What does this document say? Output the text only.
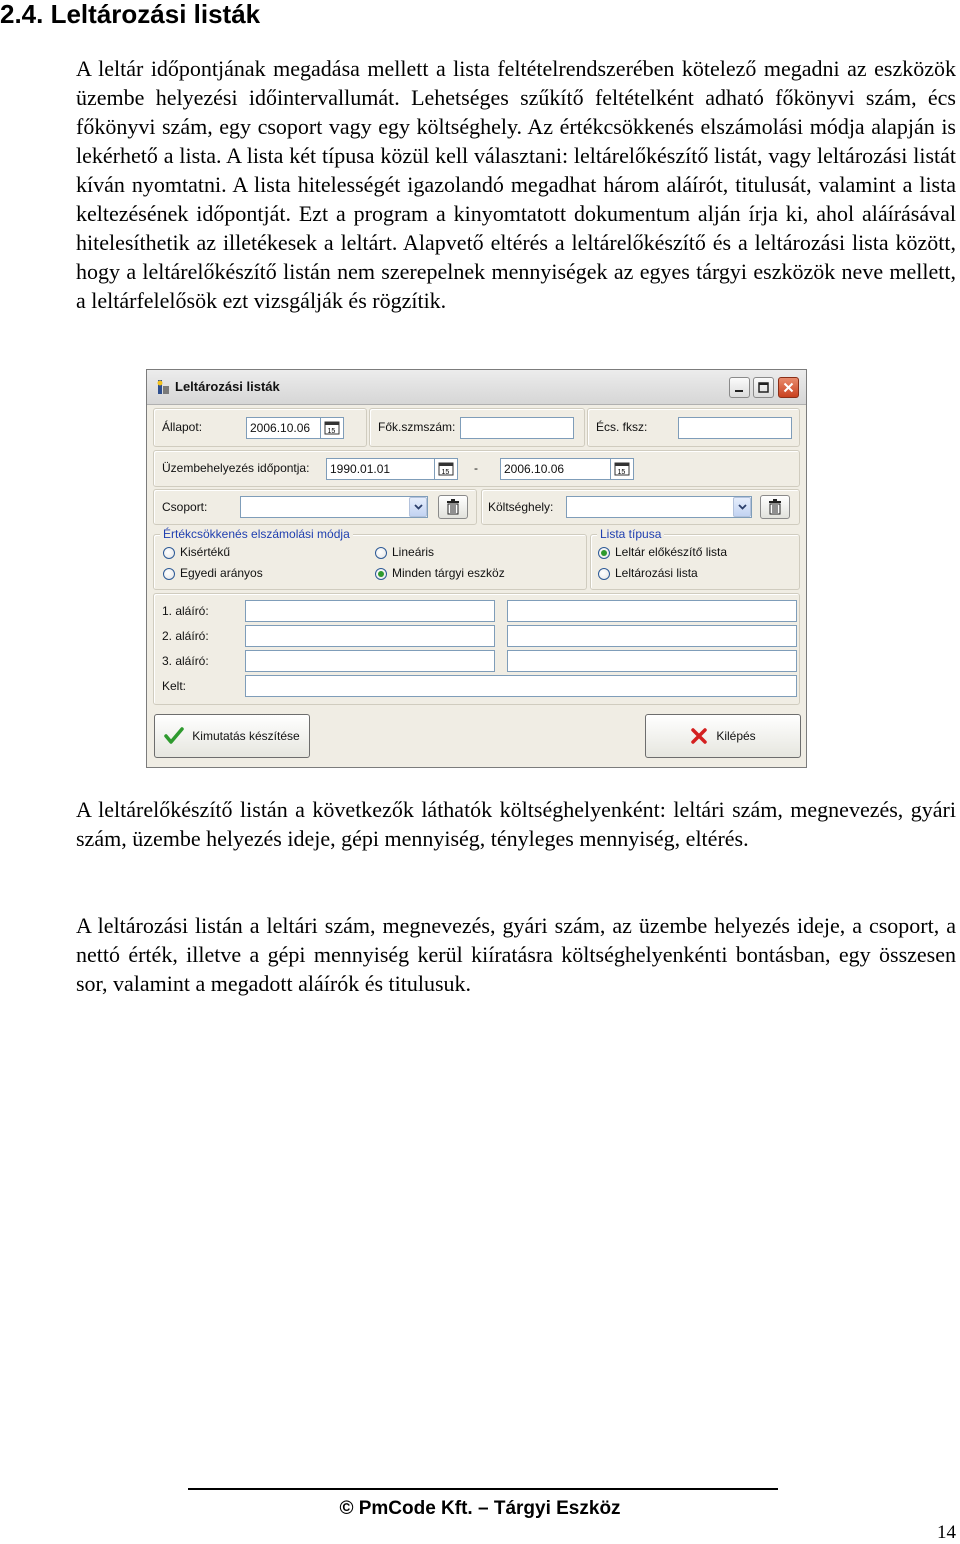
2.4. Leltározási listák

A leltár időpontjának megadása mellett a lista feltételrendszerében kötelező megadni az eszközök üzembe helyezési időintervallumát. Lehetséges szűkítő feltételként adható főkönyvi szám, écs főkönyvi szám, egy csoport vagy egy költséghely. Az értékcsökkenés elszámolási módja alapján is lekérhető a lista. A lista két típusa közül kell választani: leltárelőkészítő listát, vagy leltározási listát kíván nyomtatni. A lista hitelességét igazolandó megadhat három aláírót, titulusát, valamint a lista keltezésének időpontját. Ezt a program a kinyomtatott dokumentum alján írja ki, ahol aláírásával hitelesíthetik az illetékesek a leltárt. Alapvető eltérés a leltárelőkészítő és a leltározási lista között, hogy a leltárelőkészítő listán nem szerepelnek mennyiségek az egyes tárgyi eszközök neve mellett, a leltárfelelősök ezt vizsgálják és rögzítik.

Leltározási listák
Állapot:	2006.10.06	15	Fők.szmszám:	Écs. fksz:
Üzembehelyezés időpontja:	1990.01.01	15 -	2006.10.06	15
Csoport:	Költséghely:
Értékcsökkenés elszámolási módja
Kisértékű	Lineáris
Egyedi arányos	Minden tárgyi eszköz
Lista típusa
Leltár előkészítő lista
Leltározási lista
1. aláíró:
2. aláíró:
3. aláíró:
Kelt:
Kimutatás készítése	Kilépés

A leltárelőkészítő listán a következők láthatók költséghelyenként: leltári szám, megnevezés, gyári szám, üzembe helyezés ideje, gépi mennyiség, tényleges mennyiség, eltérés.

A leltározási listán a leltári szám, megnevezés, gyári szám, az üzembe helyezés ideje, a csoport, a nettó érték, illetve a gépi mennyiség kerül kiíratásra költséghelyenkénti bontásban, egy összesen sor, valamint a megadott aláírók és titulusuk.

© PmCode Kft. – Tárgyi Eszköz
14
